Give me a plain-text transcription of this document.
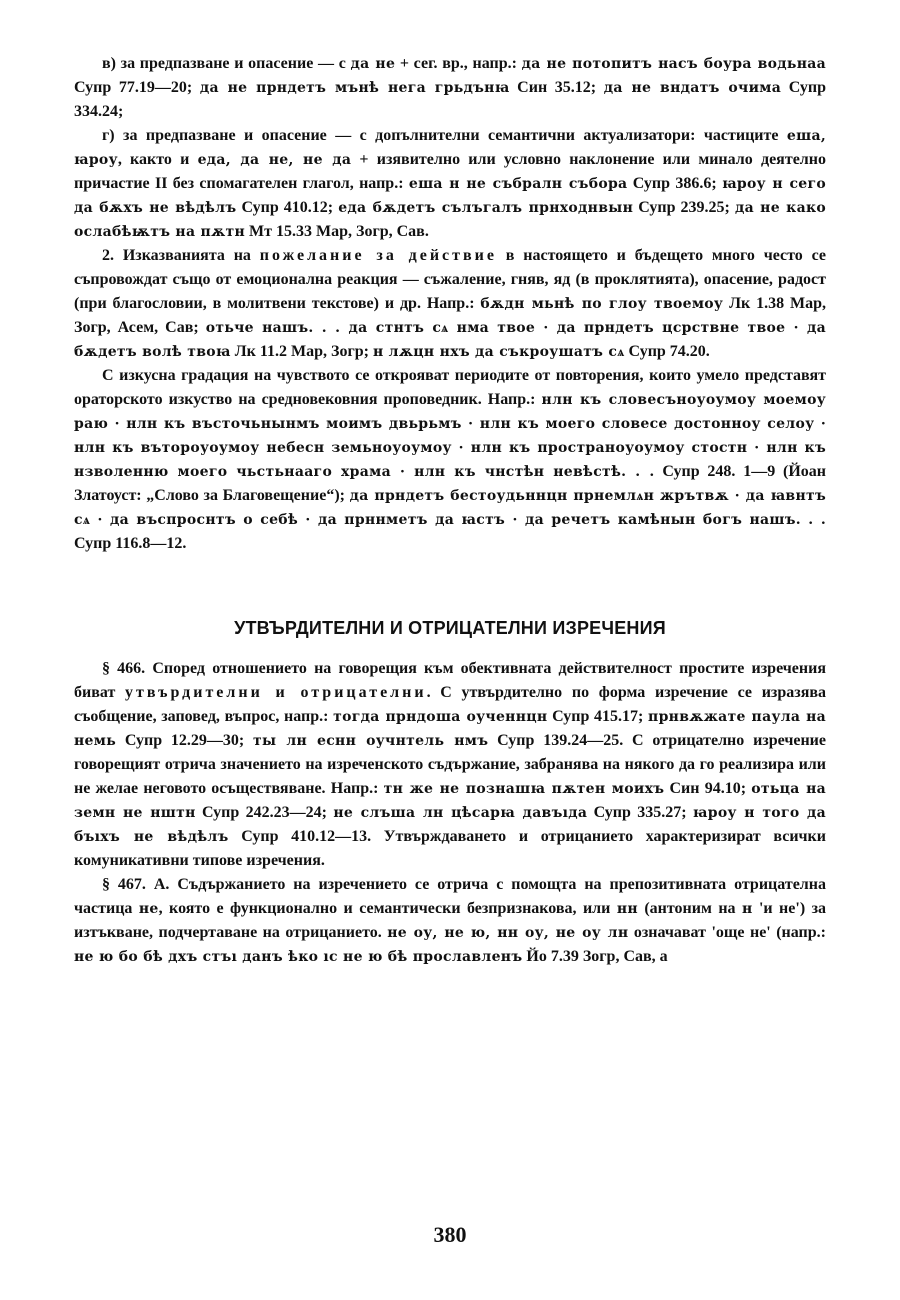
в) за предпазване и опасение — с да не + сег. вр., напр.: да не потопитъ насъ боура водьнаа Супр 77.19—20; да не прндетъ мънѣ нега грьдънꙗ Син 35.12; да не вндатъ очима Супр 334.24;

г) за предпазване и опасение — с допълнителни семантични актуализатори: частиците еша, ꙗроу, както и еда, да не, не да + изявително или условно наклонение или минало деятелно причастие II без спомагателен глагол, напр.: еша н не събралн събора Супр 386.6; ꙗроу н сего да бѫхъ не вѣдѣлъ Супр 410.12; еда бѫдетъ сълъгалъ прнходнвын Супр 239.25; да не како ослабѣѭтъ на пѫтн Мт 15.33 Мар, Зогр, Сав.

2. Изказванията на пожелание за действие в настоящето и бъдещето много често се съпровождат също от емоционална реакция — съжаление, гняв, яд (в проклятията), опасение, радост (при благословии, в молитвени текстове) и др. Напр.: бѫдн мьнѣ по глоу твоемоу Лк 1.38 Мар, Зогр, Асем, Сав; отьче нашъ. . . да стнтъ сѧ нма твое · да прндетъ цсрствне твое · да бѫдетъ волѣ твоꙗ Лк 11.2 Мар, Зогр; н лѫцн нхъ да съкроушатъ сѧ Супр 74.20.

С изкусна градация на чувството се открояват периодите от повторения, които умело представят ораторското изкуство на средновековния проповедник. Напр.: нлн къ словесъноуоумоу моемоу раю · нлн къ въсточьнынмъ моимъ двьрьмъ · нлн къ моего словесе достонноу селоу · нлн къ вътороуоумоу небесн земьноуоумоу · нлн къ пространоуоумоу стостн · нлн къ нзволенню моего чьстьнааго храма · нлн къ чнстѣн невѣстѣ. . . Супр 248. 1—9 (Йоан Златоуст: „Слово за Благовещение“); да прндетъ бестоудьннцн прнемлѧн жрътвѫ · да ꙗвнтъ сѧ · да въспроснтъ о себѣ · да прннметъ да ꙗстъ · да речетъ камѣнын богъ нашъ. . . Супр 116.8—12.

УТВЪРДИТЕЛНИ И ОТРИЦАТЕЛНИ ИЗРЕЧЕНИЯ

§ 466. Според отношението на говорещия към обективната действителност простите изречения биват утвърдителни и отрицателни. С утвърдително по форма изречение се изразява съобщение, заповед, въпрос, напр.: тогда прндоша оученнцн Супр 415.17; прнвѫжате паула на немь Супр 12.29—30; ты лн еснн оучнтель нмъ Супр 139.24—25. С отрицателно изречение говорещият отрича значението на изреченското съдържание, забранява на някого да го реализира или не желае неговото осъществяване. Напр.: тн же не познашꙗ пѫтен моихъ Син 94.10; отьца на земн не нштн Супр 242.23—24; не слъша лн цѣсарꙗ давъıда Супр 335.27; ꙗроу н того да бъıхъ не вѣдѣлъ Супр 410.12—13. Утвърждаването и отрицанието характеризират всички комуникативни типове изречения.

§ 467. А. Съдържанието на изречението се отрича с помощта на препозитивната отрицателна частица не, която е функционално и семантически безпризнакова, или нн (антоним на н 'и не') за изтъкване, подчертаване на отрицанието. не оу, не ю, нн оу, не оу лн означават 'още не' (напр.: не ю бо бѣ дхъ стъı данъ ѣко ıс не ю бѣ прославленъ Йо 7.39 Зогр, Сав, а

380
